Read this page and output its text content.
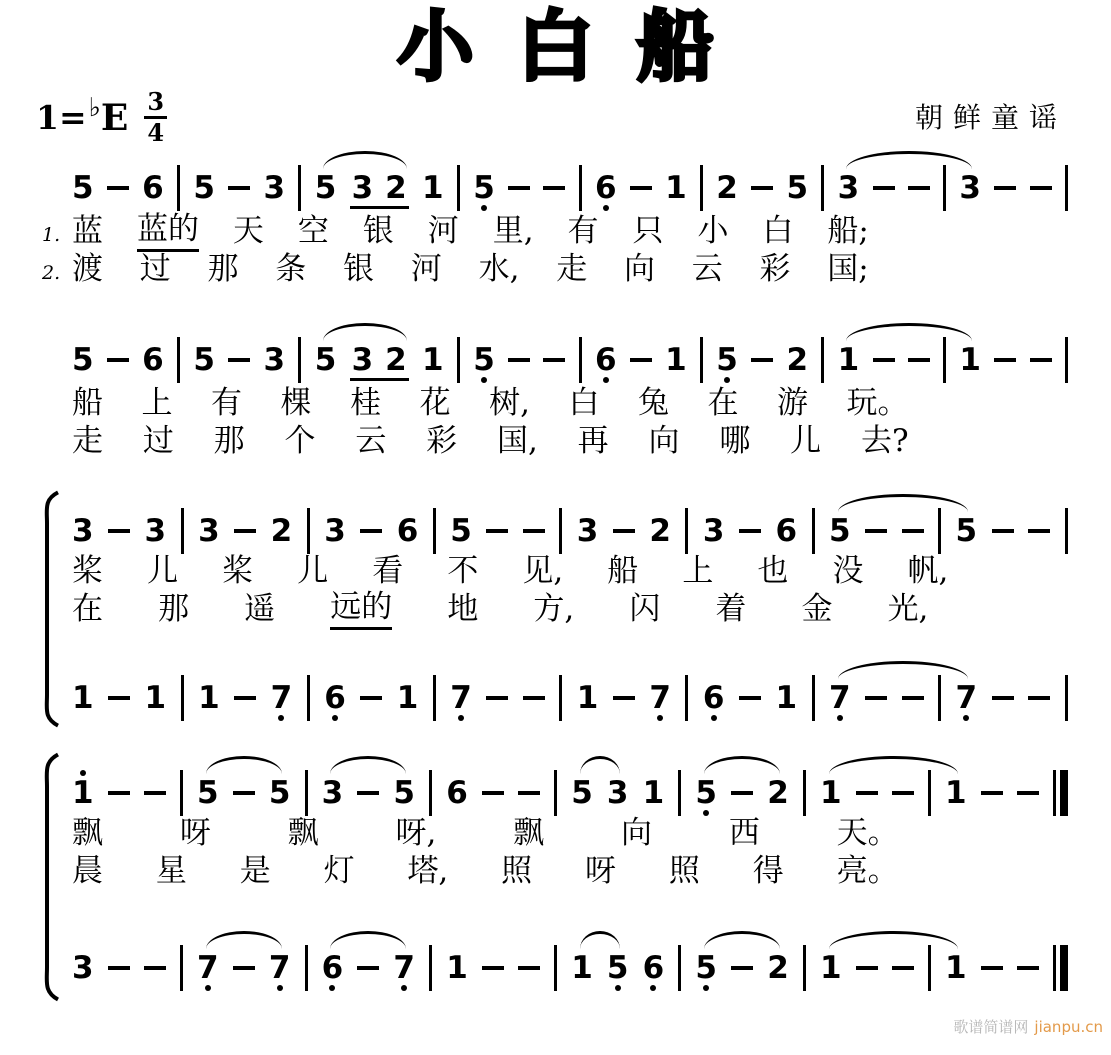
小白船
1= ♭ E $\frac{3}{4}$	朝鲜童谣
5 6 5 3 5 3 2 1 5	6 1 2 5 3	3
1. 蓝 蓝的 天 空 银 河 里, 有 只 小 白 船;
2. 渡 过 那 条 银 河 水, 走 向 云 彩 国;
5 6 5 3 5 3 2 1 5	6 1 5 2 1	1
船 上 有 棵 桂 花 树, 白 兔 在 游 玩。
走 过 那 个 云 彩 国, 再 向 哪 儿 去?
3 3 3 2 3 6 5	3 2 3 6 5	5
1 1 1 7 6 1 7	1 7 6 1 7	7
桨 儿 桨 儿 看 不 见, 船 上 也 没 帆,
在 那 遥 远的 地 方, 闪 着 金 光,
1	5 5 3 5 6	5 3 1 5 2 1	1
3	7 7 6 7 1	1 5 6 5 2 1	1
飘 呀 飘 呀, 飘 向 西 天。
晨 星 是 灯 塔, 照 呀 照 得 亮。
歌谱简谱网 jianpu.cn
